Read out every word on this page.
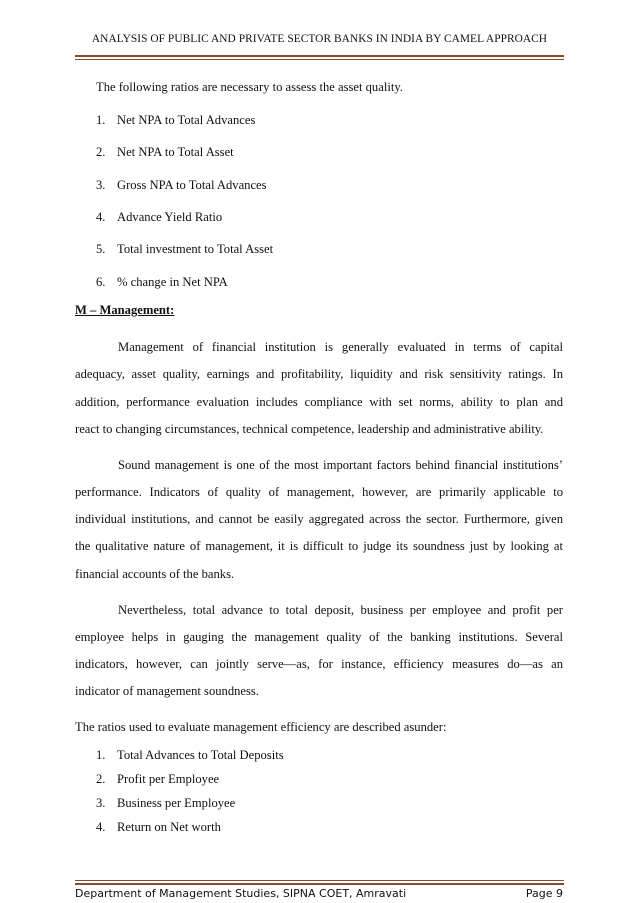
ANALYSIS OF PUBLIC AND PRIVATE SECTOR BANKS IN INDIA BY CAMEL APPROACH
The following ratios are necessary to assess the asset quality.
1. Net NPA to Total Advances
2. Net NPA to Total Asset
3. Gross NPA to Total Advances
4. Advance Yield Ratio
5. Total investment to Total Asset
6. % change in Net NPA
M – Management:
Management of financial institution is generally evaluated in terms of capital
adequacy, asset quality, earnings and profitability, liquidity and risk sensitivity ratings. In
addition, performance evaluation includes compliance with set norms, ability to plan and
react to changing circumstances, technical competence, leadership and administrative ability.
Sound management is one of the most important factors behind financial institutions’
performance. Indicators of quality of management, however, are primarily applicable to
individual institutions, and cannot be easily aggregated across the sector. Furthermore, given
the qualitative nature of management, it is difficult to judge its soundness just by looking at
financial accounts of the banks.
Nevertheless, total advance to total deposit, business per employee and profit per
employee helps in gauging the management quality of the banking institutions. Several
indicators, however, can jointly serve—as, for instance, efficiency measures do—as an
indicator of management soundness.
The ratios used to evaluate management efficiency are described asunder:
1. Total Advances to Total Deposits
2. Profit per Employee
3. Business per Employee
4. Return on Net worth
Department of Management Studies, SIPNA COET, Amravati	Page 9
